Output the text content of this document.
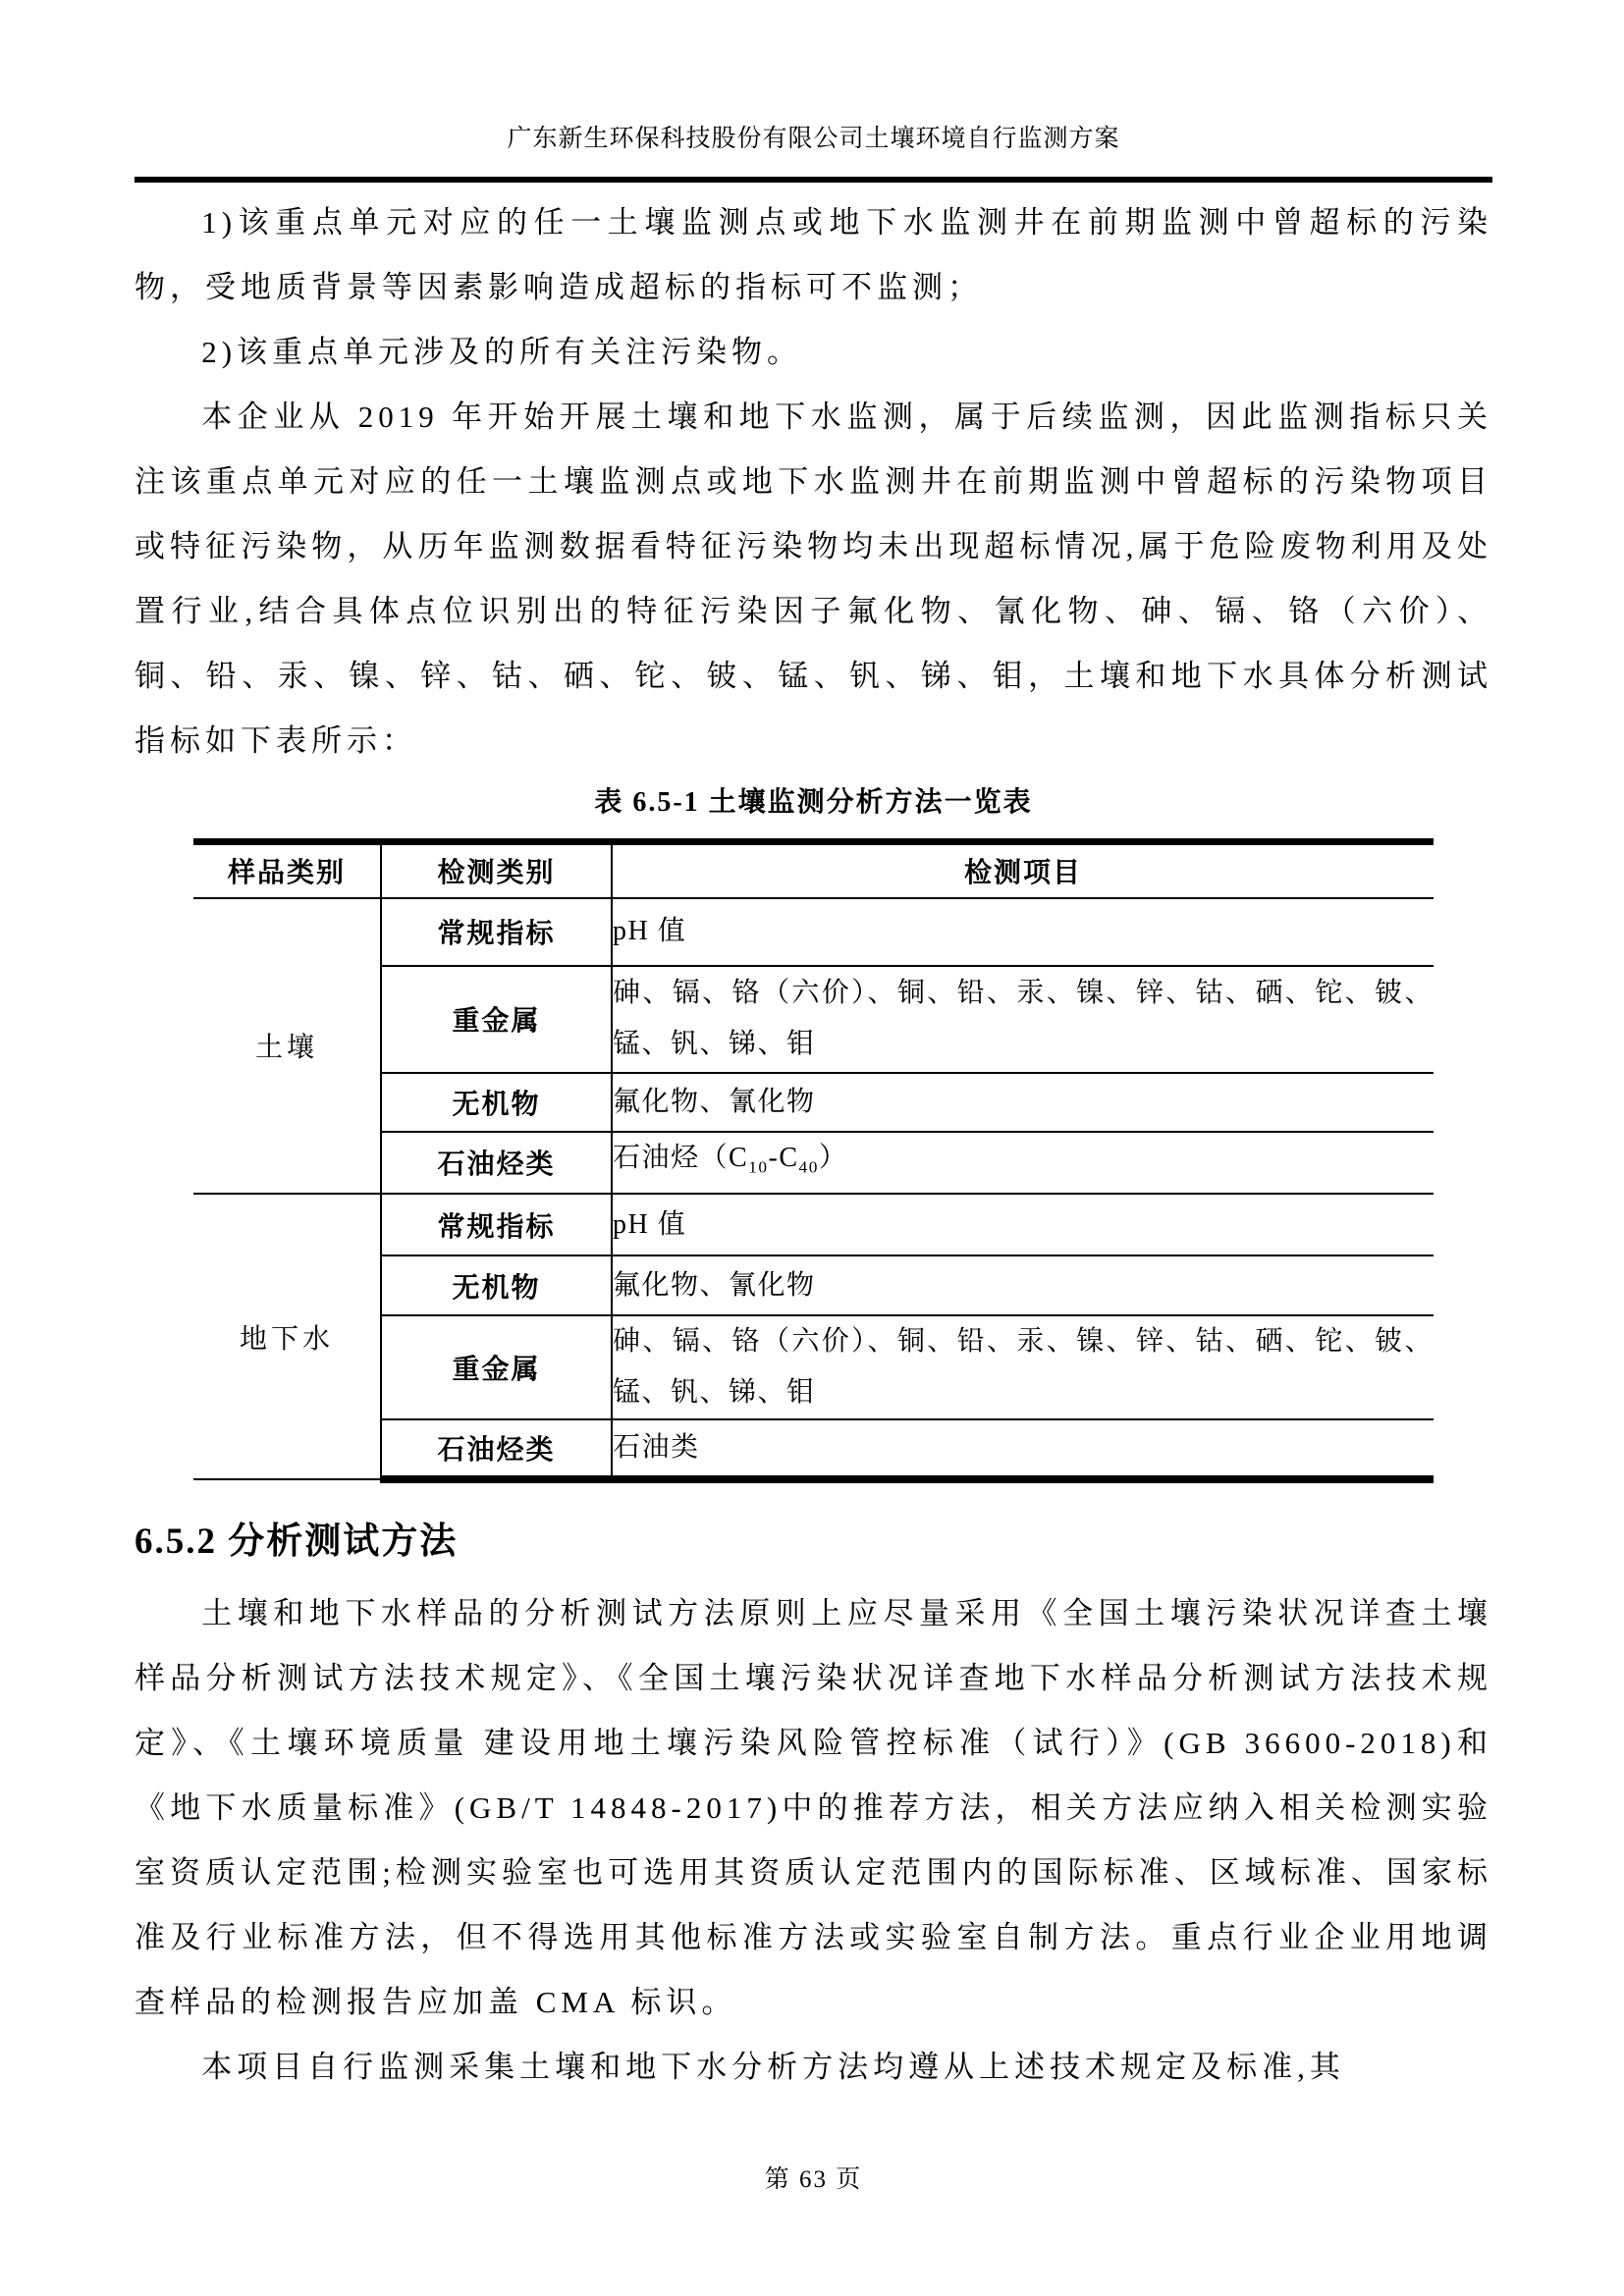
广东新生环保科技股份有限公司土壤环境自行监测方案

1)该重点单元对应的任一土壤监测点或地下水监测井在前期监测中曾超标的污染物，受地质背景等因素影响造成超标的指标可不监测；

2)该重点单元涉及的所有关注污染物。

本企业从 2019 年开始开展土壤和地下水监测，属于后续监测，因此监测指标只关注该重点单元对应的任一土壤监测点或地下水监测井在前期监测中曾超标的污染物项目或特征污染物，从历年监测数据看特征污染物均未出现超标情况,属于危险废物利用及处置行业,结合具体点位识别出的特征污染因子氟化物、氰化物、砷、镉、铬（六价）、铜、铅、汞、镍、锌、钴、硒、铊、铍、锰、钒、锑、钼，土壤和地下水具体分析测试指标如下表所示：

表 6.5-1 土壤监测分析方法一览表
样品类别	检测类别	检测项目
土壤	常规指标	pH 值
	重金属	砷、镉、铬（六价）、铜、铅、汞、镍、锌、钴、硒、铊、铍、锰、钒、锑、钼
	无机物	氟化物、氰化物
	石油烃类	石油烃$(C_{10}-C_{40})$
地下水	常规指标	pH 值
	无机物	氟化物、氰化物
	重金属	砷、镉、铬（六价）、铜、铅、汞、镍、锌、钴、硒、铊、铍、锰、钒、锑、钼
	石油烃类	石油类
6.5.2 分析测试方法

土壤和地下水样品的分析测试方法原则上应尽量采用《全国土壤污染状况详查土壤样品分析测试方法技术规定》、《全国土壤污染状况详查地下水样品分析测试方法技术规定》、《土壤环境质量 建设用地土壤污染风险管控标准（试行）》(GB 36600-2018)和 《地下水质量标准》(GB/T 14848-2017)中的推荐方法，相关方法应纳入相关检测实验室资质认定范围;检测实验室也可选用其资质认定范围内的国际标准、区域标准、国家标准及行业标准方法，但不得选用其他标准方法或实验室自制方法。重点行业企业用地调查样品的检测报告应加盖 CMA 标识。

本项目自行监测采集土壤和地下水分析方法均遵从上述技术规定及标准,其

第 63 页
